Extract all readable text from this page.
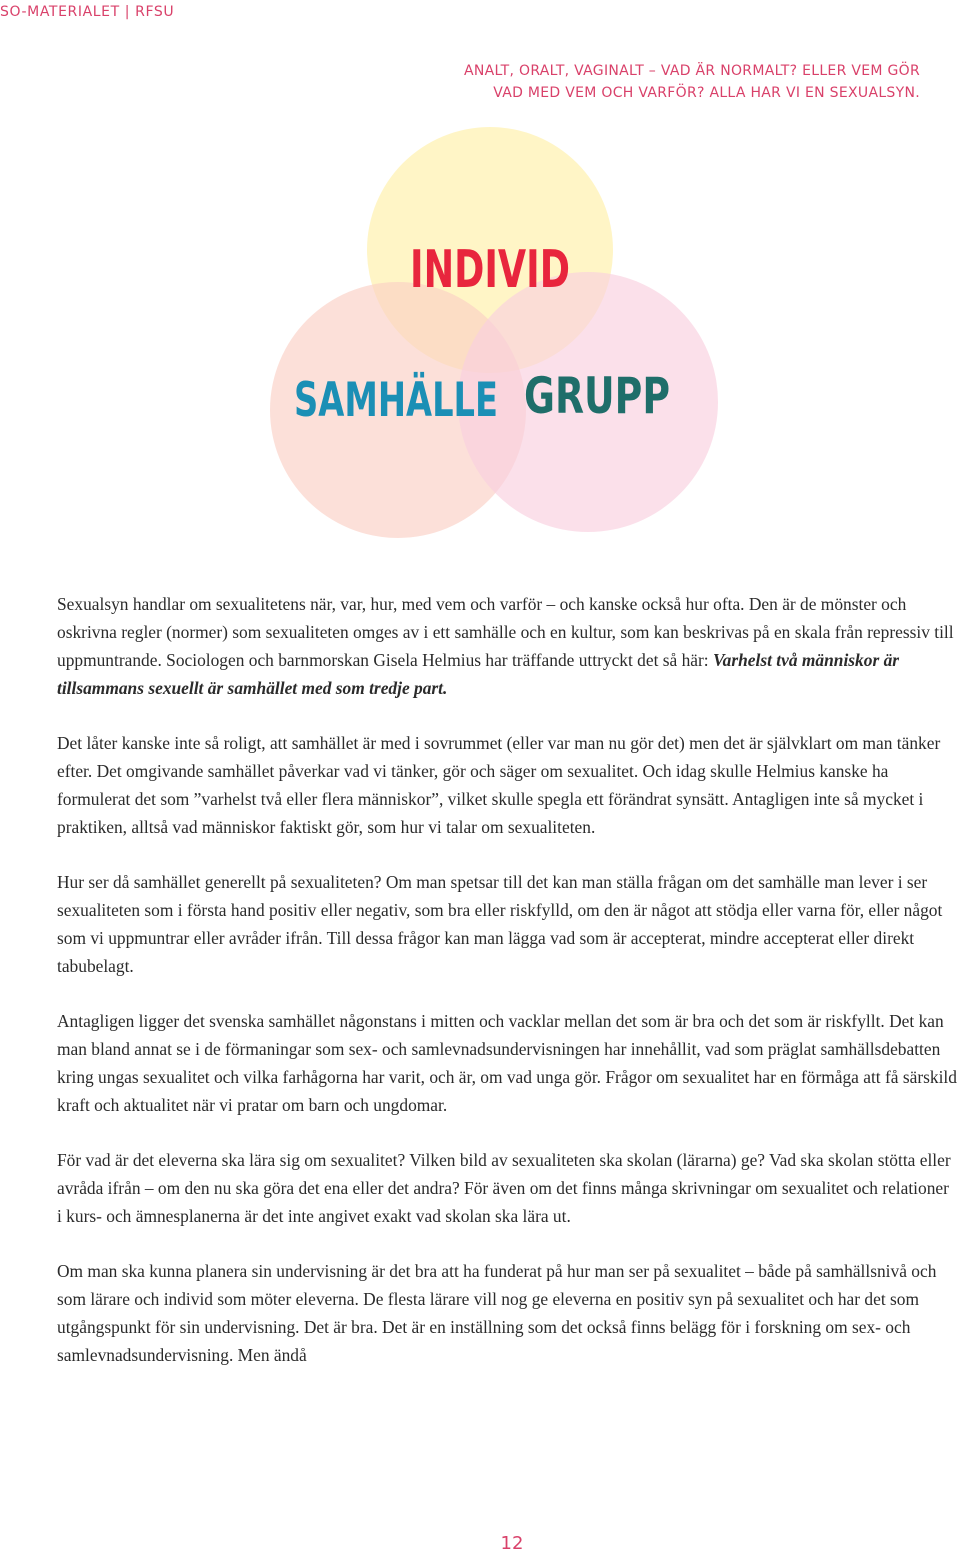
SO-MATERIALET | RFSU
ANALT, ORALT, VAGINALT – VAD ÄR NORMALT? ELLER VEM GÖR
VAD MED VEM OCH VARFÖR? ALLA HAR VI EN SEXUALSYN.
INDIVID
SAMHÄLLE GRUPP

Sexualsyn handlar om sexualitetens när, var, hur, med vem och varför – och kanske också hur ofta. Den är de mönster och oskrivna regler (normer) som sexualiteten omges av i ett samhälle och en kultur, som kan beskrivas på en skala från repressiv till uppmuntrande. Sociologen och barnmorskan Gisela Helmius har träffande uttryckt det så här: Varhelst två människor är tillsammans sexuellt är samhället med som tredje part.

Det låter kanske inte så roligt, att samhället är med i sovrummet (eller var man nu gör det) men det är självklart om man tänker efter. Det omgivande samhället påverkar vad vi tänker, gör och säger om sexualitet. Och idag skulle Helmius kanske ha formulerat det som ”varhelst två eller flera människor”, vilket skulle spegla ett förändrat synsätt. Antagligen inte så mycket i praktiken, alltså vad människor faktiskt gör, som hur vi talar om sexualiteten.

Hur ser då samhället generellt på sexualiteten? Om man spetsar till det kan man ställa frågan om det samhälle man lever i ser sexualiteten som i första hand positiv eller negativ, som bra eller riskfylld, om den är något att stödja eller varna för, eller något som vi uppmuntrar eller avråder ifrån. Till dessa frågor kan man lägga vad som är accepterat, mindre accepterat eller direkt tabubelagt.

Antagligen ligger det svenska samhället någonstans i mitten och vacklar mellan det som är bra och det som är riskfyllt. Det kan man bland annat se i de förmaningar som sex- och samlevnadsundervisningen har innehållit, vad som präglat samhällsdebatten kring ungas sexualitet och vilka farhågorna har varit, och är, om vad unga gör. Frågor om sexualitet har en förmåga att få särskild kraft och aktualitet när vi pratar om barn och ungdomar.

För vad är det eleverna ska lära sig om sexualitet? Vilken bild av sexualiteten ska skolan (lärarna) ge? Vad ska skolan stötta eller avråda ifrån – om den nu ska göra det ena eller det andra? För även om det finns många skrivningar om sexualitet och relationer i kurs- och ämnesplanerna är det inte angivet exakt vad skolan ska lära ut.

Om man ska kunna planera sin undervisning är det bra att ha funderat på hur man ser på sexualitet – både på samhällsnivå och som lärare och individ som möter eleverna. De flesta lärare vill nog ge eleverna en positiv syn på sexualitet och har det som utgångspunkt för sin undervisning. Det är bra. Det är en inställning som det också finns belägg för i forskning om sex- och samlevnadsundervisning. Men ändå

12
